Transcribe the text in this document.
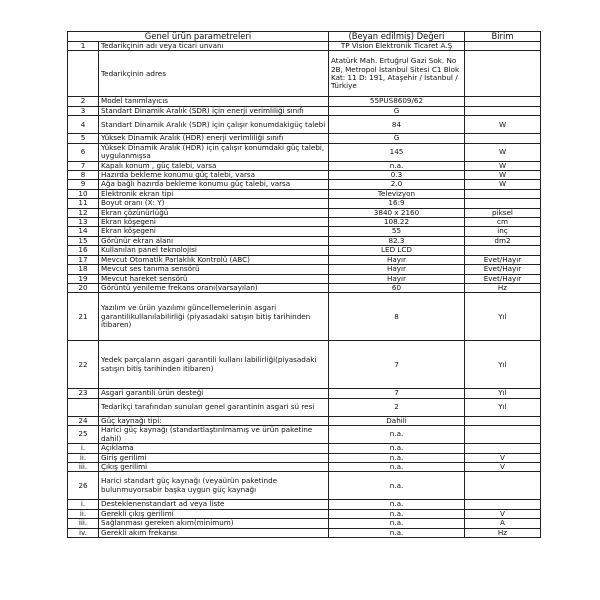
Genel ürün parametreleri		(Beyan edilmiş) Değeri	Birim
1	Tedarikçinin adı veya ticari unvanı	TP Vision Elektronik Ticaret A.Ş	
	Tedarikçinin adres	Atatürk Mah. Ertuğrul Gazi Sok. No 2B, Metropol İstanbul Sitesi C1 Blok Kat: 11 D: 191, Ataşehir / İstanbul / Türkiye	
2	Model tanımlayıcıs	55PUS8609/62	
3	Standart Dinamik Aralık (SDR) için enerji verimliliği sınıfı	G	
4	Standart Dinamik Aralık (SDR) için çalışır konumdakigüç talebi	84	W
5	Yüksek Dinamik Aralık (HDR) enerji verimliliği sınıfı	G	
6	Yüksek Dinamik Aralık (HDR) için çalışır konumdaki güç talebi, uygulanmışsa	145	W
7	Kapalı konum , güç talebi, varsa	n.a.	W
8	Hazırda bekleme konumu güç talebi, varsa	0.3	W
9	Ağa bağlı hazırda bekleme konumu güç talebi, varsa	2.0	W
10	Elektronik ekran tipi	Televizyon	
11	Boyut oranı (X: Y)	16:9	
12	Ekran çözünürlüğü	3840 x 2160	piksel
13	Ekran köşegeni	108.22	cm
14	Ekran köşegeni	55	inç
15	Görünür ekran alanı	82.3	dm2
16	Kullanılan panel teknolojisi	LED LCD	
17	Mevcut Otomatik Parlaklık Kontrolü (ABC)	Hayır	Evet/Hayır
18	Mevcut ses tanıma sensörü	Hayır	Evet/Hayır
19	Mevcut hareket sensörü	Hayır	Evet/Hayır
20	Görüntü yenileme frekans oranı(varsayılan)	60	Hz
21	Yazılım ve ürün yazılımı güncellemelerinin asgari garantilikullanılabilirliği (piyasadaki satışın bitiş tarihinden itibaren)	8	Yıl
22	Yedek parçaların asgari garantili kullanı labilirliği(piyasadaki satışın bitiş tarihinden itibaren)	7	Yıl
23	Asgari garantili ürün desteği	7	Yıl
	Tedarikçi tarafından sunulan genel garantinin asgari sü resi	2	Yıl
24	Güç kaynağı tipi:	Dahili	
25	Harici güç kaynağı (standartlaştırılmamış ve ürün paketine dahil)	n.a.	
i.	Açıklama	n.a.	
ii.	Giriş gerilimi	n.a.	V
iii.	Çıkış gerilimi	n.a.	V
26	Harici standart güç kaynağı (veyaürün paketinde bulunmuyorsabir başka uygun güç kaynağı	n.a.	
i.	Desteklenenstandart ad veya liste	n.a.	
ii.	Gerekli çıkış gerilimi	n.a.	V
iii.	Sağlanması gereken akım(minimum)	n.a.	A
iv.	Gerekli akım frekansı	n.a.	Hz
